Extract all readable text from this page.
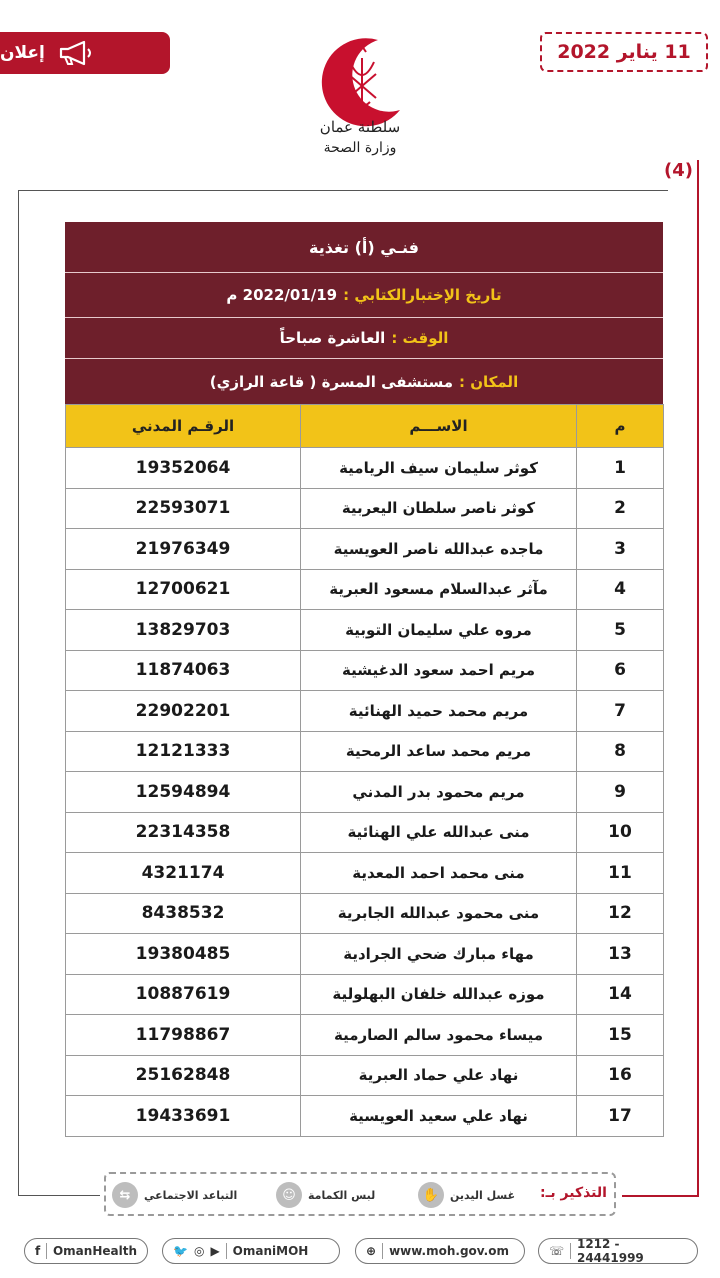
إعلان	11 يناير 2022
سلطنة عمان
وزارة الصحة
(4)
فنـي (أ) تغذية
تاريخ الإختبارالكتابي :
2022/01/19 م
الوقت :
العاشرة صباحاً
المكان :
مستشفى المسرة ( قاعة الرازي)
م	الاســـم	الرقـم المدني
1	كوثر سليمان سيف الريامية	19352064
2	كوثر ناصر سلطان اليعربية	22593071
3	ماجده عبدالله ناصر العويسية	21976349
4	مآثر عبدالسلام مسعود العبرية	12700621
5	مروه علي سليمان التوبية	13829703
6	مريم احمد سعود الدغيشية	11874063
7	مريم محمد حميد الهنائية	22902201
8	مريم محمد ساعد الرمحية	12121333
9	مريم محمود بدر المدني	12594894
10	منى عبدالله علي الهنائية	22314358
11	منى محمد احمد المعدية	4321174
12	منى محمود عبدالله الجابرية	8438532
13	مهاء مبارك ضحي الجرادية	19380485
14	موزه عبدالله خلفان البهلولية	10887619
15	ميساء محمود سالم الصارمية	11798867
16	نهاد علي حماد العبرية	25162848
17	نهاد علي سعيد العويسية	19433691
التذكير بـ:
غسل اليدين
✋
لبس الكمامة
☺
التباعد الاجتماعي
⇆
f OmanHealth	🐦 ◎ ▶ OmaniMOH	⊕ www.moh.gov.om	☏ 1212 - 24441999
